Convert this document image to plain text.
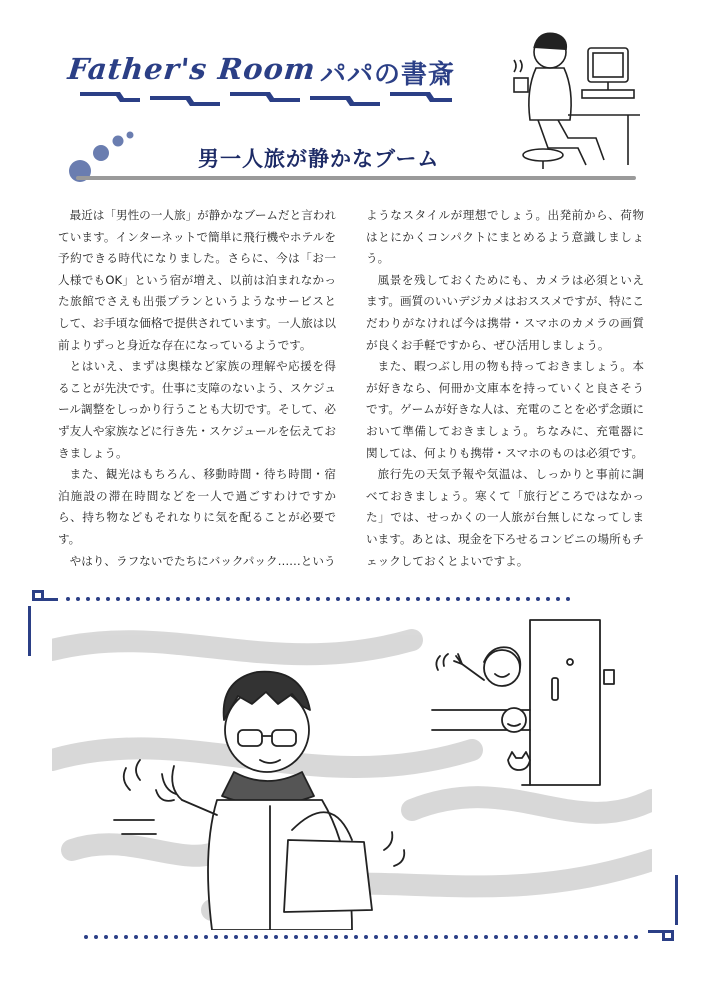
Father's Room パパの書斎
男一人旅が静かなブーム

最近は「男性の一人旅」が静かなブームだと言われています。インターネットで簡単に飛行機やホテルを予約できる時代になりました。さらに、今は「お一人様でもOK」という宿が増え、以前は泊まれなかった旅館でさえも出張プランというようなサービスとして、お手頃な価格で提供されています。一人旅は以前よりずっと身近な存在になっているようです。

とはいえ、まずは奥様など家族の理解や応援を得ることが先決です。仕事に支障のないよう、スケジュール調整をしっかり行うことも大切です。そして、必ず友人や家族などに行き先・スケジュールを伝えておきましょう。

また、観光はもちろん、移動時間・待ち時間・宿泊施設の滞在時間などを一人で過ごすわけですから、持ち物などもそれなりに気を配ることが必要です。

やはり、ラフないでたちにバックパック……という

ようなスタイルが理想でしょう。出発前から、荷物はとにかくコンパクトにまとめるよう意識しましょう。

風景を残しておくためにも、カメラは必須といえます。画質のいいデジカメはおススメですが、特にこだわりがなければ今は携帯・スマホのカメラの画質が良くお手軽ですから、ぜひ活用しましょう。

また、暇つぶし用の物も持っておきましょう。本が好きなら、何冊か文庫本を持っていくと良さそうです。ゲームが好きな人は、充電のことを必ず念頭において準備しておきましょう。ちなみに、充電器に関しては、何よりも携帯・スマホのものは必須です。

旅行先の天気予報や気温は、しっかりと事前に調べておきましょう。寒くて「旅行どころではなかった」では、せっかくの一人旅が台無しになってしまいます。あとは、現金を下ろせるコンビニの場所もチェックしておくとよいですよ。
